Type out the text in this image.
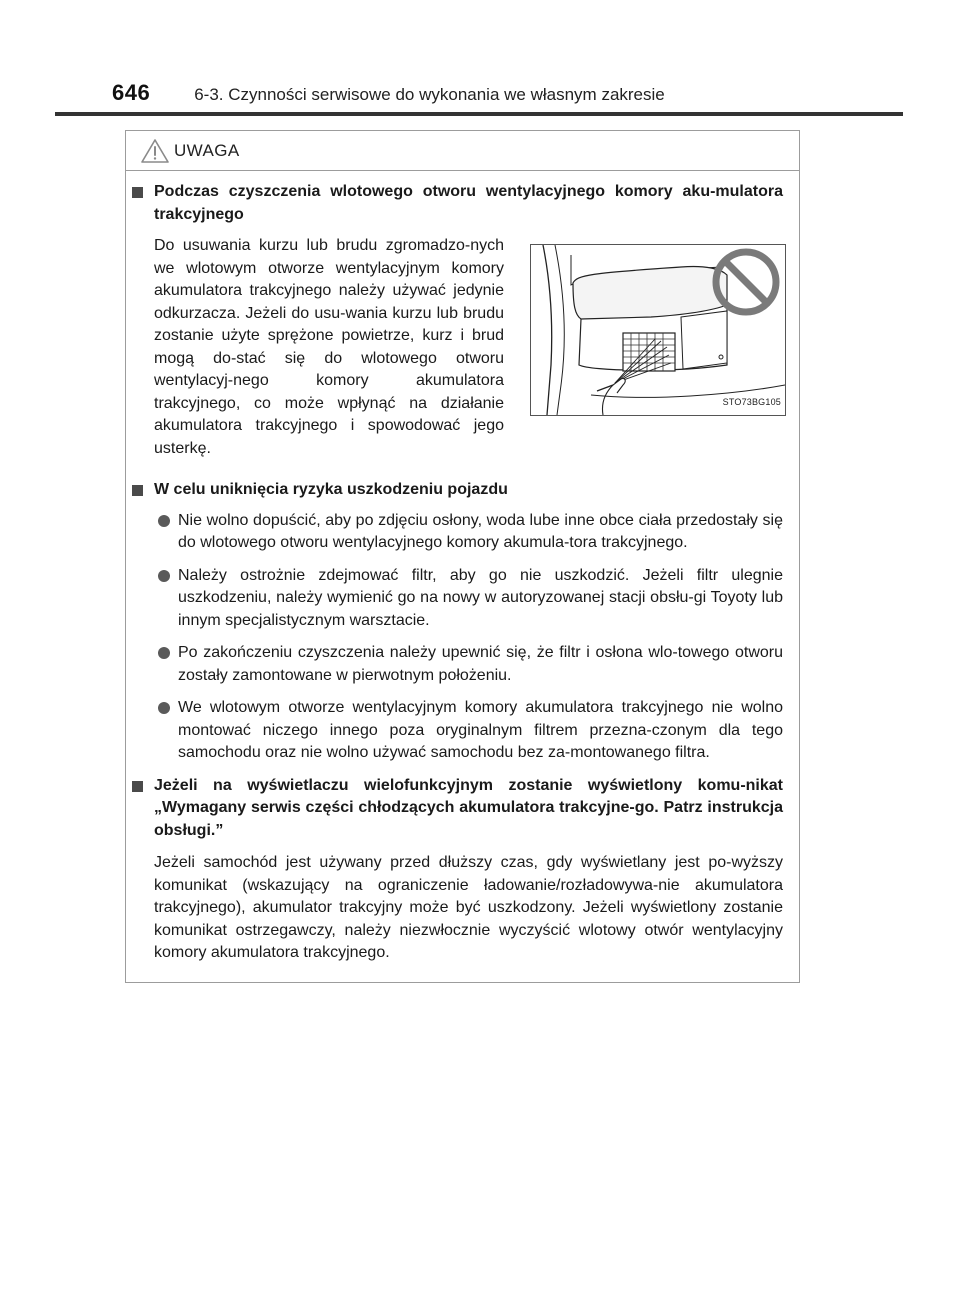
646	6-3. Czynności serwisowe do wykonania we własnym zakresie
UWAGA
Podczas czyszczenia wlotowego otworu wentylacyjnego komory aku-mulatora trakcyjnego
Do usuwania kurzu lub brudu zgromadzo-nych we wlotowym otworze wentylacyjnym komory akumulatora trakcyjnego należy używać jedynie odkurzacza. Jeżeli do usu-wania kurzu lub brudu zostanie użyte sprężone powietrze, kurz i brud mogą do-stać się do wlotowego otworu wentylacyj-nego komory akumulatora trakcyjnego, co może wpłynąć na działanie akumulatora trakcyjnego i spowodować jego usterkę.
STO73BG105
W celu uniknięcia ryzyka uszkodzeniu pojazdu
Nie wolno dopuścić, aby po zdjęciu osłony, woda lube inne obce ciała przedostały się do wlotowego otworu wentylacyjnego komory akumula-tora trakcyjnego.
Należy ostrożnie zdejmować filtr, aby go nie uszkodzić. Jeżeli filtr ulegnie uszkodzeniu, należy wymienić go na nowy w autoryzowanej stacji obsłu-gi Toyoty lub innym specjalistycznym warsztacie.
Po zakończeniu czyszczenia należy upewnić się, że filtr i osłona wlo-towego otworu zostały zamontowane w pierwotnym położeniu.
We wlotowym otworze wentylacyjnym komory akumulatora trakcyjnego nie wolno montować niczego innego poza oryginalnym filtrem przezna-czonym dla tego samochodu oraz nie wolno używać samochodu bez za-montowanego filtra.
Jeżeli na wyświetlaczu wielofunkcyjnym zostanie wyświetlony komu-nikat „Wymagany serwis części chłodzących akumulatora trakcyjne-go. Patrz instrukcja obsługi.”
Jeżeli samochód jest używany przed dłuższy czas, gdy wyświetlany jest po-wyższy komunikat (wskazujący na ograniczenie ładowanie/rozładowywa-nie akumulatora trakcyjnego), akumulator trakcyjny może być uszkodzony. Jeżeli wyświetlony zostanie komunikat ostrzegawczy, należy niezwłocznie wyczyścić wlotowy otwór wentylacyjny komory akumulatora trakcyjnego.
